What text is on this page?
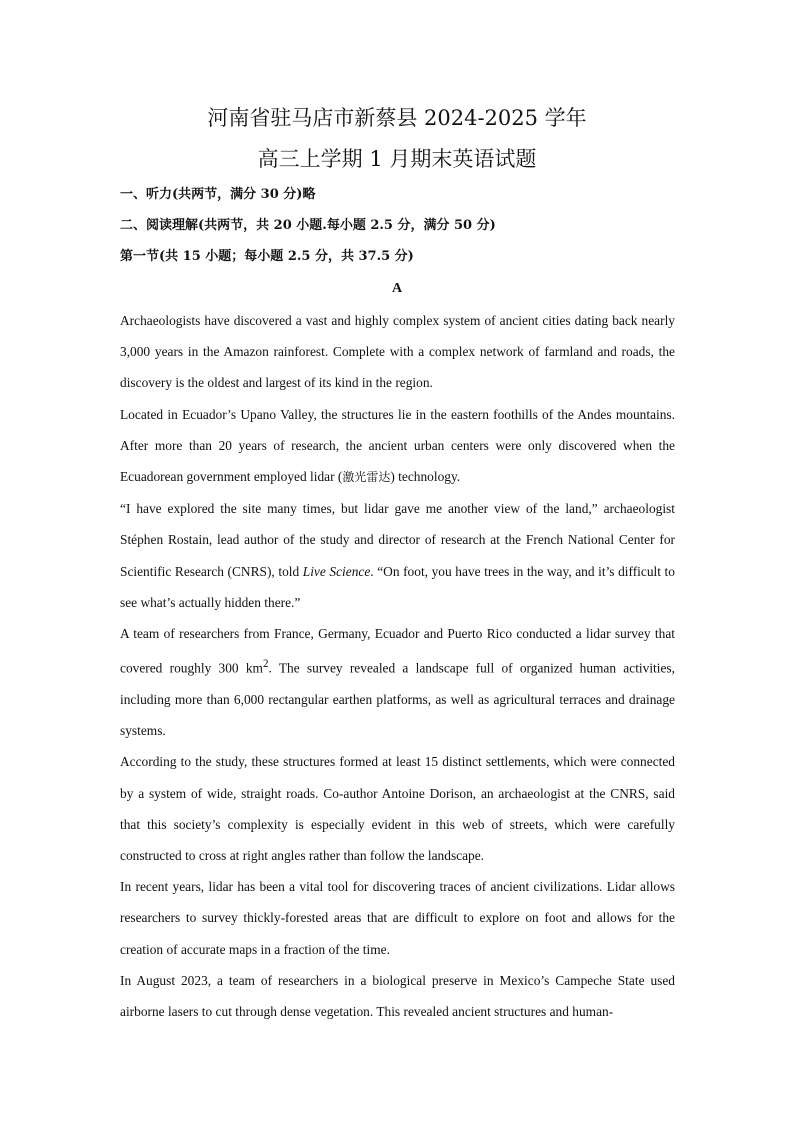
河南省驻马店市新蔡县 2024-2025 学年
高三上学期 1 月期末英语试题
一、听力(共两节，满分 30 分)略
二、阅读理解(共两节，共 20 小题.每小题 2.5 分，满分 50 分)
第一节(共 15 小题；每小题 2.5 分，共 37.5 分)
A

Archaeologists have discovered a vast and highly complex system of ancient cities dating back nearly 3,000 years in the Amazon rainforest. Complete with a complex network of farmland and roads, the discovery is the oldest and largest of its kind in the region.

Located in Ecuador’s Upano Valley, the structures lie in the eastern foothills of the Andes mountains. After more than 20 years of research, the ancient urban centers were only discovered when the Ecuadorean government employed lidar (激光雷达) technology.

“I have explored the site many times, but lidar gave me another view of the land,” archaeologist Stéphen Rostain, lead author of the study and director of research at the French National Center for Scientific Research (CNRS), told Live Science. “On foot, you have trees in the way, and it’s difficult to see what’s actually hidden there.”

A team of researchers from France, Germany, Ecuador and Puerto Rico conducted a lidar survey that covered roughly 300 $km^2$. The survey revealed a landscape full of organized human activities, including more than 6,000 rectangular earthen platforms, as well as agricultural terraces and drainage systems.

According to the study, these structures formed at least 15 distinct settlements, which were connected by a system of wide, straight roads. Co-author Antoine Dorison, an archaeologist at the CNRS, said that this society’s complexity is especially evident in this web of streets, which were carefully constructed to cross at right angles rather than follow the landscape.

In recent years, lidar has been a vital tool for discovering traces of ancient civilizations. Lidar allows researchers to survey thickly-forested areas that are difficult to explore on foot and allows for the creation of accurate maps in a fraction of the time.

In August 2023, a team of researchers in a biological preserve in Mexico’s Campeche State used airborne lasers to cut through dense vegetation. This revealed ancient structures and human-
